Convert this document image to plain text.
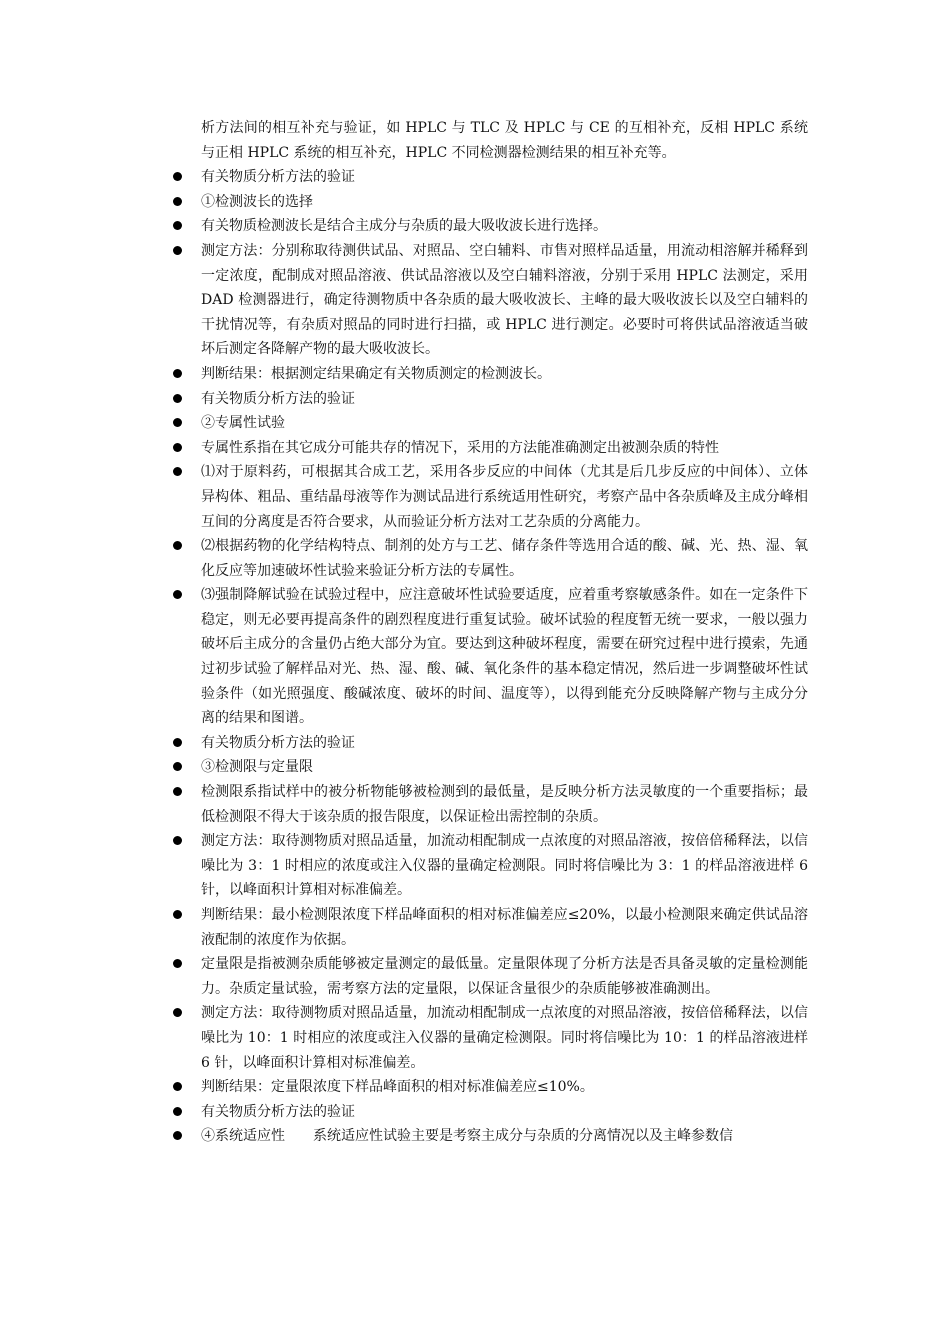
析方法间的相互补充与验证，如 HPLC 与 TLC 及 HPLC 与 CE 的互相补充，反相 HPLC 系统与正相 HPLC 系统的相互补充，HPLC 不同检测器检测结果的相互补充等。

有关物质分析方法的验证
①检测波长的选择
有关物质检测波长是结合主成分与杂质的最大吸收波长进行选择。
测定方法：分别称取待测供试品、对照品、空白辅料、市售对照样品适量，用流动相溶解并稀释到一定浓度，配制成对照品溶液、供试品溶液以及空白辅料溶液，分别于采用 HPLC 法测定，采用 DAD 检测器进行，确定待测物质中各杂质的最大吸收波长、主峰的最大吸收波长以及空白辅料的干扰情况等，有杂质对照品的同时进行扫描，或 HPLC 进行测定。必要时可将供试品溶液适当破坏后测定各降解产物的最大吸收波长。
判断结果：根据测定结果确定有关物质测定的检测波长。
有关物质分析方法的验证
②专属性试验
专属性系指在其它成分可能共存的情况下，采用的方法能准确测定出被测杂质的特性
⑴对于原料药，可根据其合成工艺，采用各步反应的中间体（尤其是后几步反应的中间体）、立体异构体、粗品、重结晶母液等作为测试品进行系统适用性研究，考察产品中各杂质峰及主成分峰相互间的分离度是否符合要求，从而验证分析方法对工艺杂质的分离能力。
⑵根据药物的化学结构特点、制剂的处方与工艺、储存条件等选用合适的酸、碱、光、热、湿、氧化反应等加速破坏性试验来验证分析方法的专属性。
⑶强制降解试验在试验过程中，应注意破坏性试验要适度，应着重考察敏感条件。如在一定条件下稳定，则无必要再提高条件的剧烈程度进行重复试验。破坏试验的程度暂无统一要求，一般以强力破坏后主成分的含量仍占绝大部分为宜。要达到这种破坏程度，需要在研究过程中进行摸索，先通过初步试验了解样品对光、热、湿、酸、碱、氧化条件的基本稳定情况，然后进一步调整破坏性试验条件（如光照强度、酸碱浓度、破坏的时间、温度等），以得到能充分反映降解产物与主成分分离的结果和图谱。
有关物质分析方法的验证
③检测限与定量限
检测限系指试样中的被分析物能够被检测到的最低量，是反映分析方法灵敏度的一个重要指标；最低检测限不得大于该杂质的报告限度，以保证检出需控制的杂质。
测定方法：取待测物质对照品适量，加流动相配制成一点浓度的对照品溶液，按倍倍稀释法，以信噪比为 3：1 时相应的浓度或注入仪器的量确定检测限。同时将信噪比为 3：1 的样品溶液进样 6 针，以峰面积计算相对标准偏差。
判断结果：最小检测限浓度下样品峰面积的相对标准偏差应≤20%，以最小检测限来确定供试品溶液配制的浓度作为依据。
定量限是指被测杂质能够被定量测定的最低量。定量限体现了分析方法是否具备灵敏的定量检测能力。杂质定量试验，需考察方法的定量限，以保证含量很少的杂质能够被准确测出。
测定方法：取待测物质对照品适量，加流动相配制成一点浓度的对照品溶液，按倍倍稀释法，以信噪比为 10：1 时相应的浓度或注入仪器的量确定检测限。同时将信噪比为 10：1 的样品溶液进样 6 针，以峰面积计算相对标准偏差。
判断结果：定量限浓度下样品峰面积的相对标准偏差应≤10%。
有关物质分析方法的验证
④系统适应性　　系统适应性试验主要是考察主成分与杂质的分离情况以及主峰参数信
